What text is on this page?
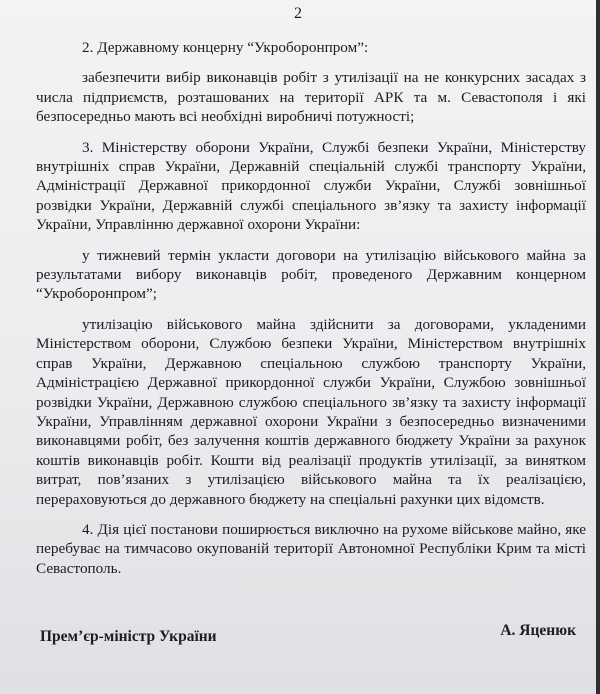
2

2. Державному концерну “Укроборонпром”:

забезпечити вибір виконавців робіт з утилізації на не конкурсних засадах з числа підприємств, розташованих на території АРК та м. Севастополя і які безпосередньо мають всі необхідні виробничі потужності;

3. Міністерству оборони України, Службі безпеки України, Міністерству внутрішніх справ України, Державній спеціальній службі транспорту України, Адміністрації Державної прикордонної служби України, Службі зовнішньої розвідки України, Державній службі спеціального зв’язку та захисту інформації України, Управлінню державної охорони України:

у тижневий термін укласти договори на утилізацію військового майна за результатами вибору виконавців робіт, проведеного Державним концерном “Укроборонпром”;

утилізацію військового майна здійснити за договорами, укладеними Міністерством оборони, Службою безпеки України, Міністерством внутрішніх справ України, Державною спеціальною службою транспорту України, Адміністрацією Державної прикордонної служби України, Службою зовнішньої розвідки України, Державною службою спеціального зв’язку та захисту інформації України, Управлінням державної охорони України з безпосередньо визначеними виконавцями робіт, без залучення коштів державного бюджету України за рахунок коштів виконавців робіт. Кошти від реалізації продуктів утилізації, за винятком витрат, пов’язаних з утилізацією військового майна та їх реалізацією, перераховуються до державного бюджету на спеціальні рахунки цих відомств.

4. Дія цієї постанови поширюється виключно на рухоме військове майно, яке перебуває на тимчасово окупованій території Автономної Республіки Крим та місті Севастополь.

Прем’єр-міністр України	А. Яценюк
